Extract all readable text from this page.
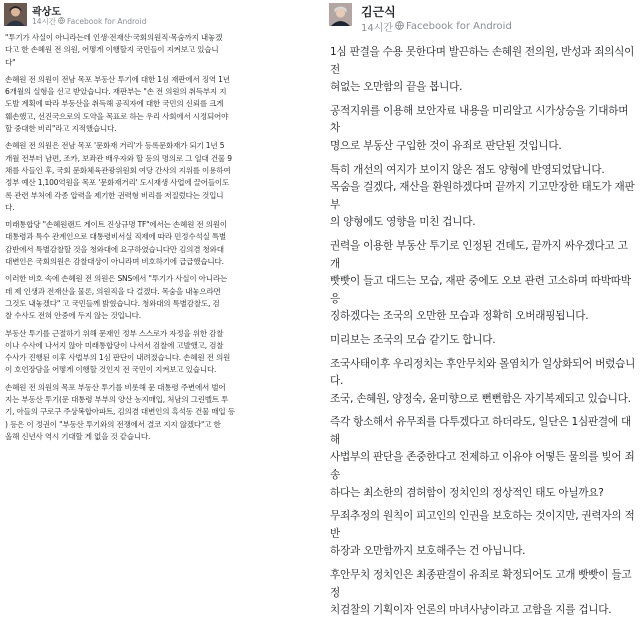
곽상도
14시간 Facebook for Android

"투기가 사실이 아니라는데 인생·전재산·국회의원직·목숨까지 내놓겠
다고 한 손혜원 전 의원, 어떻게 이행할지 국민들이 지켜보고 있습니
다"

손혜원 전 의원이 전남 목포 부동산 투기에 대한 1심 재판에서 징역 1년
6개월의 실형을 선고 받았습니다. 재판부는 "손 전 의원의 취득부지 지
도발 계획에 따라 부동산을 취득해 공직자에 대한 국민의 신뢰를 크게
훼손했고, 선진국으로의 도약을 목표로 하는 우리 사회에서 시정되어야
할 중대한 비리"라고 지적했습니다.

손혜원 전 의원은 전남 목포 '문화재 거리'가 등록문화재가 되기 1년 5
개월 전부터 남편, 조카, 보좌관 배우자와 할 등의 명의로 그 일대 건물 9
채를 사들인 후, 국회 문화체육관광위원회 여당 간사의 지위를 이용하여
정부 예산 1,100억원을 목포 '문화재거리' 도시재생 사업에 끌어들이도
록 관련 부처에 각종 압력을 제기한 권력형 비리를 저질렀다는 것입니
다.

미래통합당 "손혜원랜드 게이트 진상규명 TF"에서는 손혜원 전 의원이
대통령과 특수 관계인으로 대통령비서실 직제에 따라 민정수석실 특별
감반에서 특별감찰할 것을 청와대에 요구하였습니다만 김의겸 청와대
대변인은 국회의원은 감찰대상이 아니라며 비호하기에 급급했습니다.

이러한 비호 속에 손혜원 전 의원은 SNS에서 "투기가 사실이 아니라는
데 제 인생과 전재산을 물론, 의원직을 다 걸겠다. 목숨을 내놓으라면
그것도 내놓겠다" 고 국민들께 밝혔습니다. 청와대의 특별감찰도, 검
찰 수사도 전혀 안중에 두지 않는 것입니다.

부동산 투기를 근절하기 위해 문재인 정부 스스로가 자정을 위한 감찰
이나 수사에 나서지 않아 미래통합당이 나서서 검찰에 고발했고, 검찰
수사가 진행된 이후 사법부의 1심 판단이 내려졌습니다. 손혜원 전 의원
이 호언장담을 어떻게 이행할 것인지 전 국민이 지켜보고 있습니다.

손혜원 전 의원의 목포 부동산 투기를 비롯해 문 대통령 주변에서 벌어
지는 부동산 투기(문 대통령 부부의 양산 농지매입, 처남의 그린벨트 투
기, 아들의 구로구 주상복합아파트, 김의겸 대변인의 흑석동 건물 매입 등
) 등은 이 정권이 "부동산 투기와의 전쟁에서 결코 지지 않겠다"고 한
올해 신년사 역시 기대할 게 없을 것 같습니다.

김근식
14시간 Facebook for Android

1심 판결을 수용 못한다며 발끈하는 손혜원 전의원, 반성과 죄의식이 전
혀없는 오만함의 끝을 봅니다.

공적지위를 이용해 보안자료 내용을 미리알고 시가상승을 기대하며 차
명으로 부동산 구입한 것이 유죄로 판단된 것입니다.

특히 개선의 여지가 보이지 않은 점도 양형에 반영되었답니다.
목숨을 걸겠다, 재산을 환원하겠다며 끝까지 기고만장한 태도가 재판부
의 양형에도 영향을 미친 겁니다.

권력을 이용한 부동산 투기로 인정된 건데도, 끝까지 싸우겠다고 고개
빳빳이 들고 대드는 모습, 재판 중에도 오보 관련 고소하며 따박따박 응
징하겠다는 조국의 오만한 모습과 정확히 오버래핑됩니다.

미리보는 조국의 모습 같기도 합니다.

조국사태이후 우리정치는 후안무치와 몰염치가 일상화되어 버렸습니
다.
조국, 손혜원, 양정숙, 윤미향으로 뻔뻔함은 자기복제되고 있습니다.

즉각 항소해서 유무죄를 다투겠다고 하더라도, 일단은 1심판결에 대해
사법부의 판단을 존중한다고 전제하고 이유야 어떻든 물의를 빚어 죄송
하다는 최소한의 겸허함이 정치인의 정상적인 태도 아닐까요?

무죄추정의 원칙이 피고인의 인권을 보호하는 것이지만, 권력자의 적반
하장과 오만함까지 보호해주는 건 아닙니다.

후안무치 정치인은 최종판결이 유죄로 확정되어도 고개 빳빳이 들고 정
치검찰의 기획이자 언론의 마녀사냥이라고 고함을 지를 겁니다.
